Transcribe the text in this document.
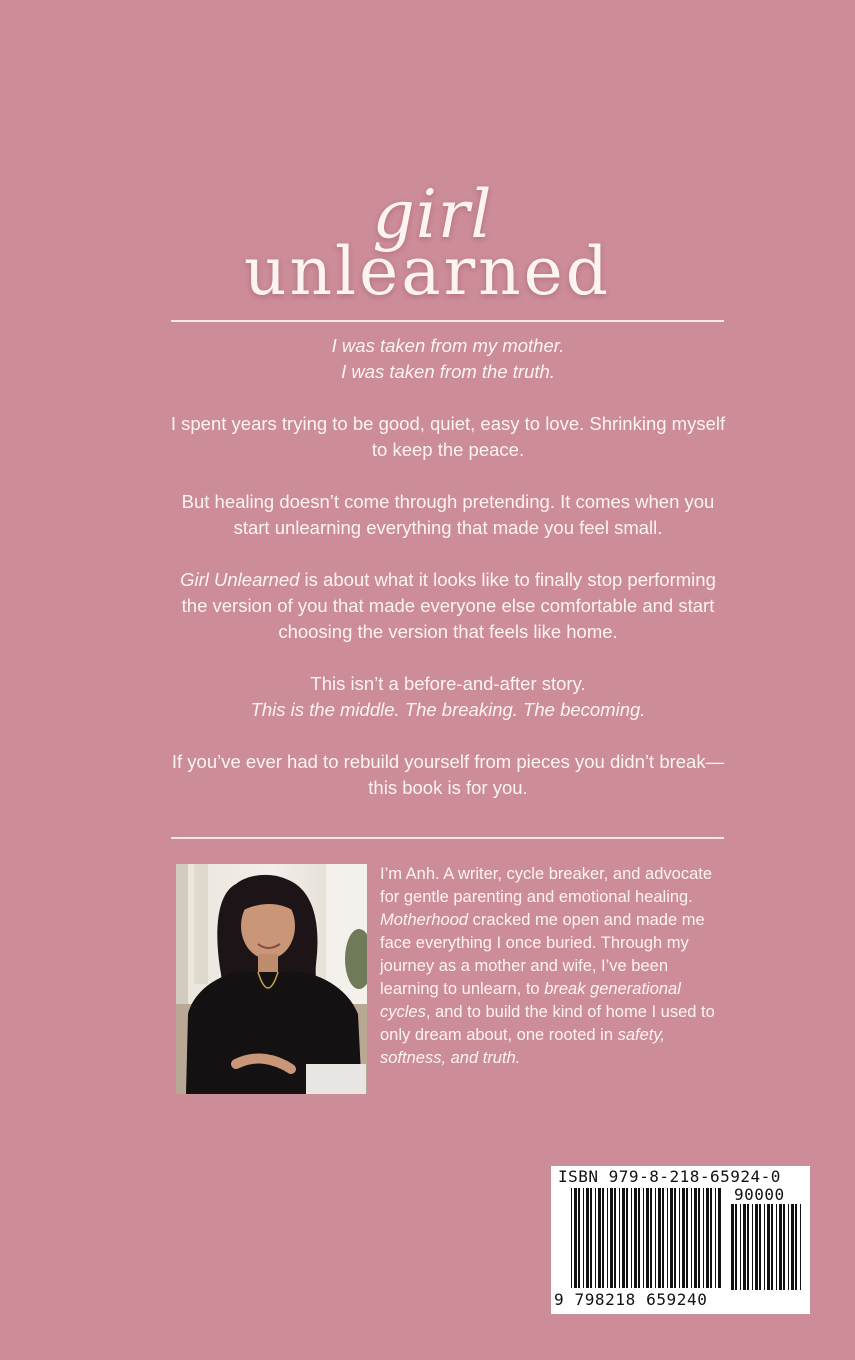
girl
unlearned

I was taken from my mother.
I was taken from the truth.

I spent years trying to be good, quiet, easy to love. Shrinking myself to keep the peace.

But healing doesn’t come through pretending. It comes when you start unlearning everything that made you feel small.

Girl Unlearned is about what it looks like to finally stop performing the version of you that made everyone else comfortable and start choosing the version that feels like home.

This isn’t a before-and-after story.
This is the middle. The breaking. The becoming.

If you’ve ever had to rebuild yourself from pieces you didn’t break—this book is for you.

I’m Anh. A writer, cycle breaker, and advocate for gentle parenting and emotional healing. Motherhood cracked me open and made me face everything I once buried. Through my journey as a mother and wife, I’ve been learning to unlearn, to break generational cycles, and to build the kind of home I used to only dream about, one rooted in safety, softness, and truth.
ISBN 979-8-218-65924-0
90000
9 798218 659240
